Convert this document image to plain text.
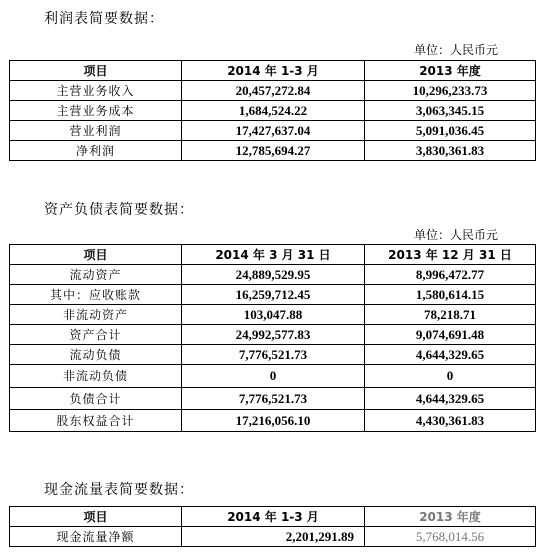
利润表简要数据：
单位：人民币元
项目	2014 年 1-3 月	2013 年度
主营业务收入	20,457,272.84	10,296,233.73
主营业务成本	1,684,524.22	3,063,345.15
营业利润	17,427,637.04	5,091,036.45
净利润	12,785,694.27	3,830,361.83
资产负债表简要数据：
单位：人民币元
项目	2014 年 3 月 31 日	2013 年 12 月 31 日
流动资产	24,889,529.95	8,996,472.77
其中：应收账款	16,259,712.45	1,580,614.15
非流动资产	103,047.88	78,218.71
资产合计	24,992,577.83	9,074,691.48
流动负债	7,776,521.73	4,644,329.65
非流动负债	0	0
负债合计	7,776,521.73	4,644,329.65
股东权益合计	17,216,056.10	4,430,361.83
现金流量表简要数据：
项目	2014 年 1-3 月	2013 年度
现金流量净额	2,201,291.89	5,768,014.56
